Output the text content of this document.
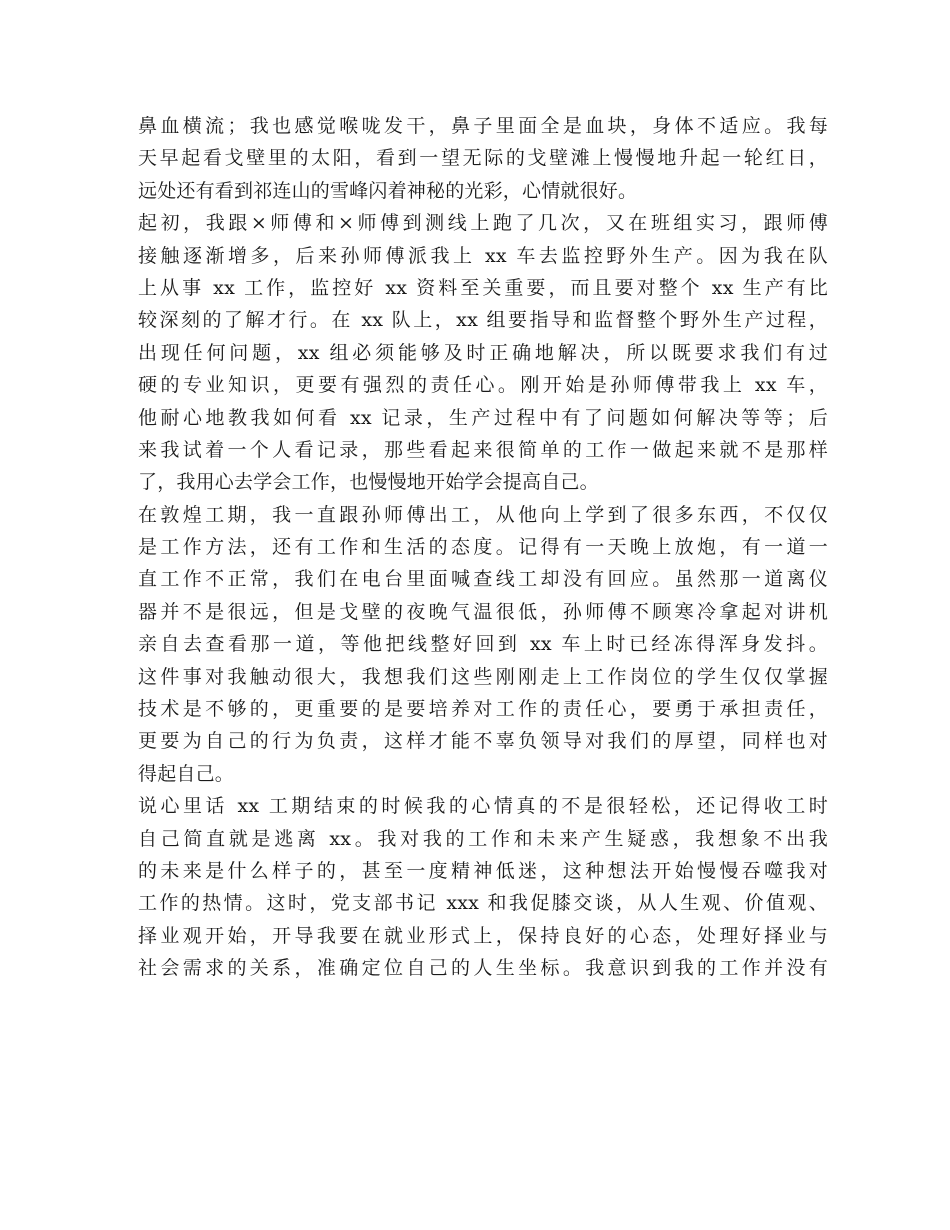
鼻血横流；我也感觉喉咙发干，鼻子里面全是血块，身体不适应。我每
天早起看戈壁里的太阳，看到一望无际的戈壁滩上慢慢地升起一轮红日，
远处还有看到祁连山的雪峰闪着神秘的光彩，心情就很好。
起初，我跟×师傅和×师傅到测线上跑了几次，又在班组实习，跟师傅
接触逐渐增多，后来孙师傅派我上 xx 车去监控野外生产。因为我在队
上从事 xx 工作，监控好 xx 资料至关重要，而且要对整个 xx 生产有比
较深刻的了解才行。在 xx 队上，xx 组要指导和监督整个野外生产过程，
出现任何问题，xx 组必须能够及时正确地解决，所以既要求我们有过
硬的专业知识，更要有强烈的责任心。刚开始是孙师傅带我上 xx 车，
他耐心地教我如何看 xx 记录，生产过程中有了问题如何解决等等；后
来我试着一个人看记录，那些看起来很简单的工作一做起来就不是那样
了，我用心去学会工作，也慢慢地开始学会提高自己。
在敦煌工期，我一直跟孙师傅出工，从他向上学到了很多东西，不仅仅
是工作方法，还有工作和生活的态度。记得有一天晚上放炮，有一道一
直工作不正常，我们在电台里面喊查线工却没有回应。虽然那一道离仪
器并不是很远，但是戈壁的夜晚气温很低，孙师傅不顾寒冷拿起对讲机
亲自去查看那一道，等他把线整好回到 xx 车上时已经冻得浑身发抖。
这件事对我触动很大，我想我们这些刚刚走上工作岗位的学生仅仅掌握
技术是不够的，更重要的是要培养对工作的责任心，要勇于承担责任，
更要为自己的行为负责，这样才能不辜负领导对我们的厚望，同样也对
得起自己。
说心里话 xx 工期结束的时候我的心情真的不是很轻松，还记得收工时
自己简直就是逃离 xx。我对我的工作和未来产生疑惑，我想象不出我
的未来是什么样子的，甚至一度精神低迷，这种想法开始慢慢吞噬我对
工作的热情。这时，党支部书记 xxx 和我促膝交谈，从人生观、价值观、
择业观开始，开导我要在就业形式上，保持良好的心态，处理好择业与
社会需求的关系，准确定位自己的人生坐标。我意识到我的工作并没有
